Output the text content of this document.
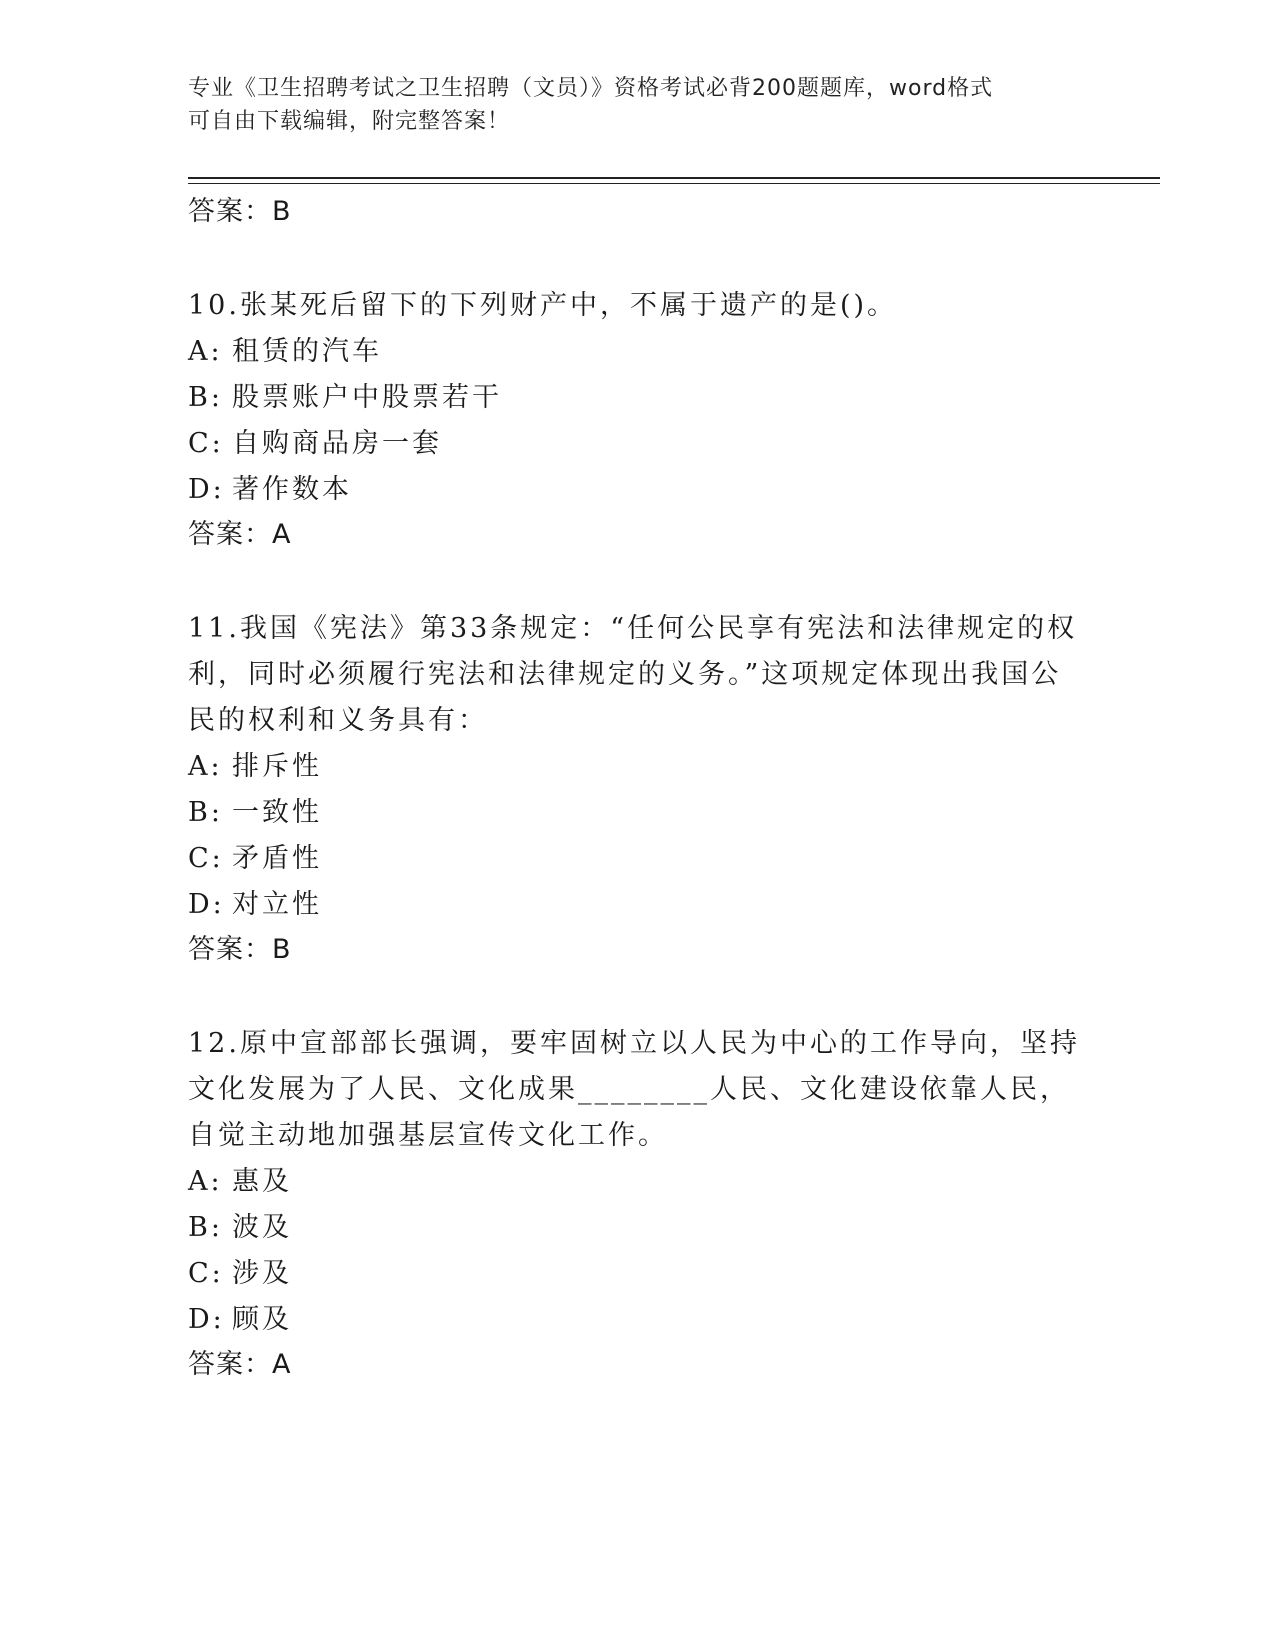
专业《卫生招聘考试之卫生招聘（文员）》资格考试必背200题题库，word格式
可自由下载编辑，附完整答案！
答案：B
10.张某死后留下的下列财产中，不属于遗产的是()。
A: 租赁的汽车
B: 股票账户中股票若干
C: 自购商品房一套
D: 著作数本
答案：A
11.我国《宪法》第33条规定：“任何公民享有宪法和法律规定的权利，同时必须履行宪法和法律规定的义务。”这项规定体现出我国公民的权利和义务具有：
A: 排斥性
B: 一致性
C: 矛盾性
D: 对立性
答案：B
12.原中宣部部长强调，要牢固树立以人民为中心的工作导向，坚持文化发展为了人民、文化成果________人民、文化建设依靠人民，自觉主动地加强基层宣传文化工作。
A: 惠及
B: 波及
C: 涉及
D: 顾及
答案：A
